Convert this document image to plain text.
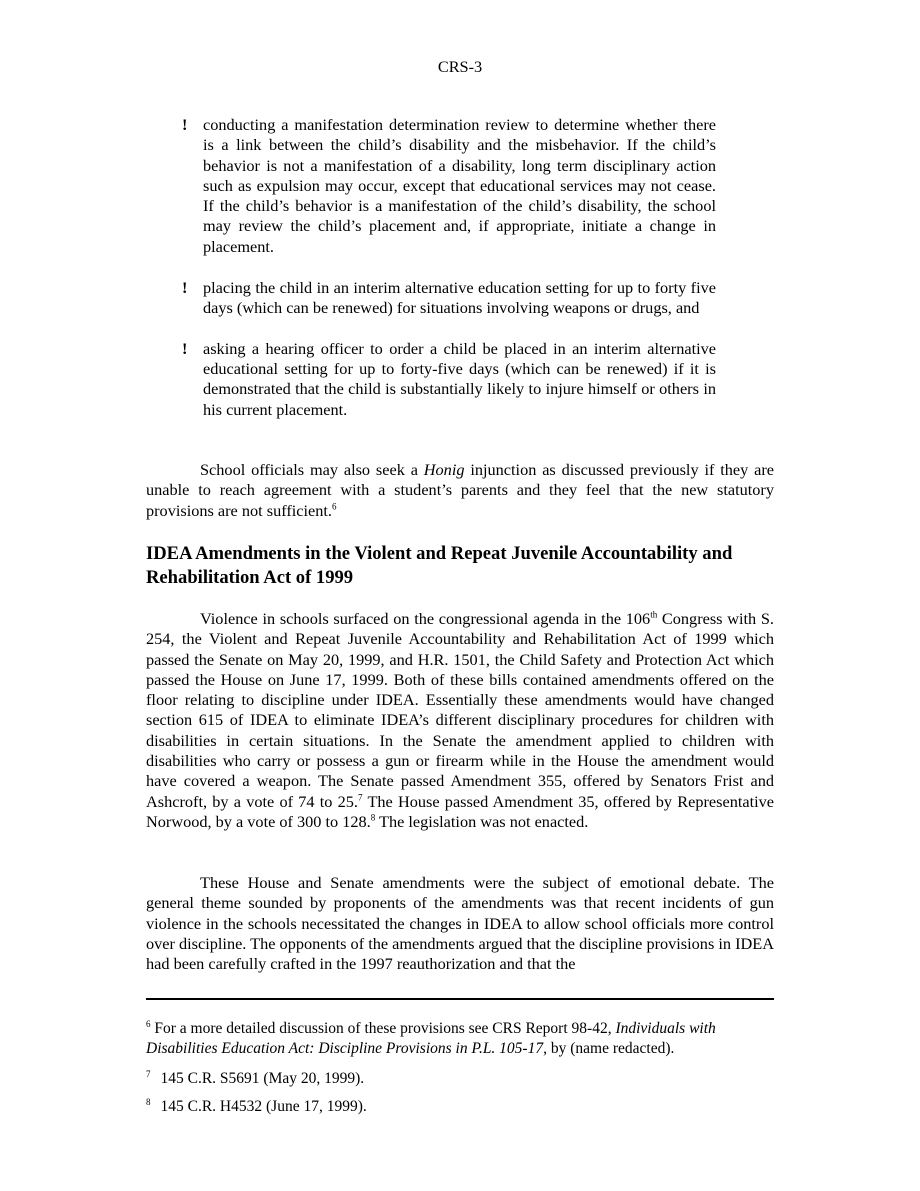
CRS-3
! conducting a manifestation determination review to determine whether there is a link between the child’s disability and the misbehavior. If the child’s behavior is not a manifestation of a disability, long term disciplinary action such as expulsion may occur, except that educational services may not cease. If the child’s behavior is a manifestation of the child’s disability, the school may review the child’s placement and, if appropriate, initiate a change in placement.
! placing the child in an interim alternative education setting for up to forty five days (which can be renewed) for situations involving weapons or drugs, and
! asking a hearing officer to order a child be placed in an interim alternative educational setting for up to forty-five days (which can be renewed) if it is demonstrated that the child is substantially likely to injure himself or others in his current placement.
School officials may also seek a Honig injunction as discussed previously if they are unable to reach agreement with a student’s parents and they feel that the new statutory provisions are not sufficient.$^6$
IDEA Amendments in the Violent and Repeat Juvenile Accountability and Rehabilitation Act of 1999
Violence in schools surfaced on the congressional agenda in the 106th Congress with S. 254, the Violent and Repeat Juvenile Accountability and Rehabilitation Act of 1999 which passed the Senate on May 20, 1999, and H.R. 1501, the Child Safety and Protection Act which passed the House on June 17, 1999. Both of these bills contained amendments offered on the floor relating to discipline under IDEA. Essentially these amendments would have changed section 615 of IDEA to eliminate IDEA’s different disciplinary procedures for children with disabilities in certain situations. In the Senate the amendment applied to children with disabilities who carry or possess a gun or firearm while in the House the amendment would have covered a weapon. The Senate passed Amendment 355, offered by Senators Frist and Ashcroft, by a vote of 74 to 25.$^7$ The House passed Amendment 35, offered by Representative Norwood, by a vote of 300 to 128.$^8$ The legislation was not enacted.
These House and Senate amendments were the subject of emotional debate. The general theme sounded by proponents of the amendments was that recent incidents of gun violence in the schools necessitated the changes in IDEA to allow school officials more control over discipline. The opponents of the amendments argued that the discipline provisions in IDEA had been carefully crafted in the 1997 reauthorization and that the
$^6$ For a more detailed discussion of these provisions see CRS Report 98-42, Individuals with Disabilities Education Act: Discipline Provisions in P.L. 105-17, by (name redacted).
$^7$ 145 C.R. S5691 (May 20, 1999).
$^8$ 145 C.R. H4532 (June 17, 1999).
